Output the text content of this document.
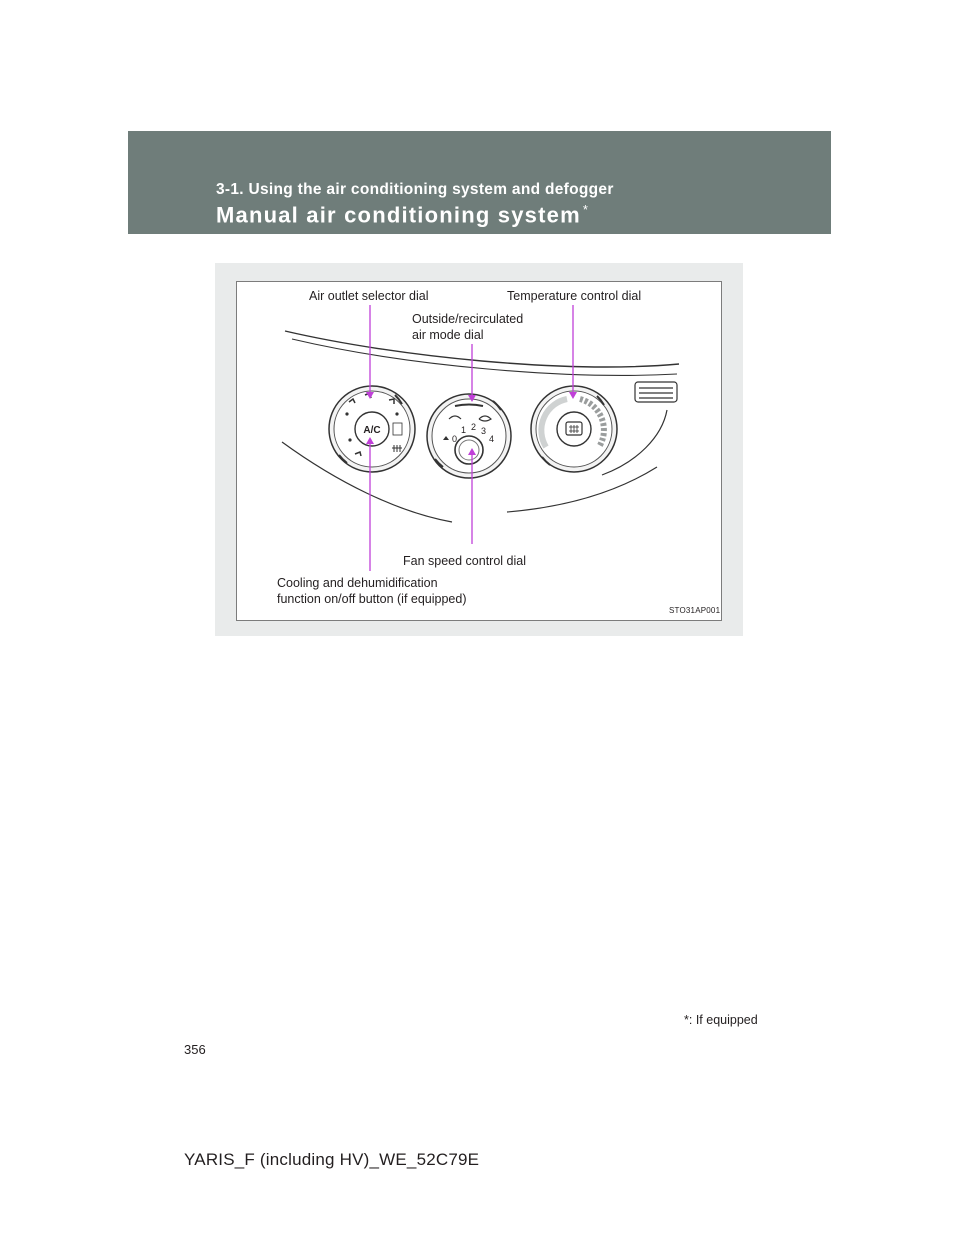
3-1. Using the air conditioning system and defogger
Manual air conditioning system *
A/C
0
1 2 3
4
Air outlet selector dial	Temperature control dial
Outside/recirculated
air mode dial
Fan speed control dial
Cooling and dehumidification
function on/off button (if equipped)
STO31AP001
*: If equipped
356
YARIS_F (including HV)_WE_52C79E
